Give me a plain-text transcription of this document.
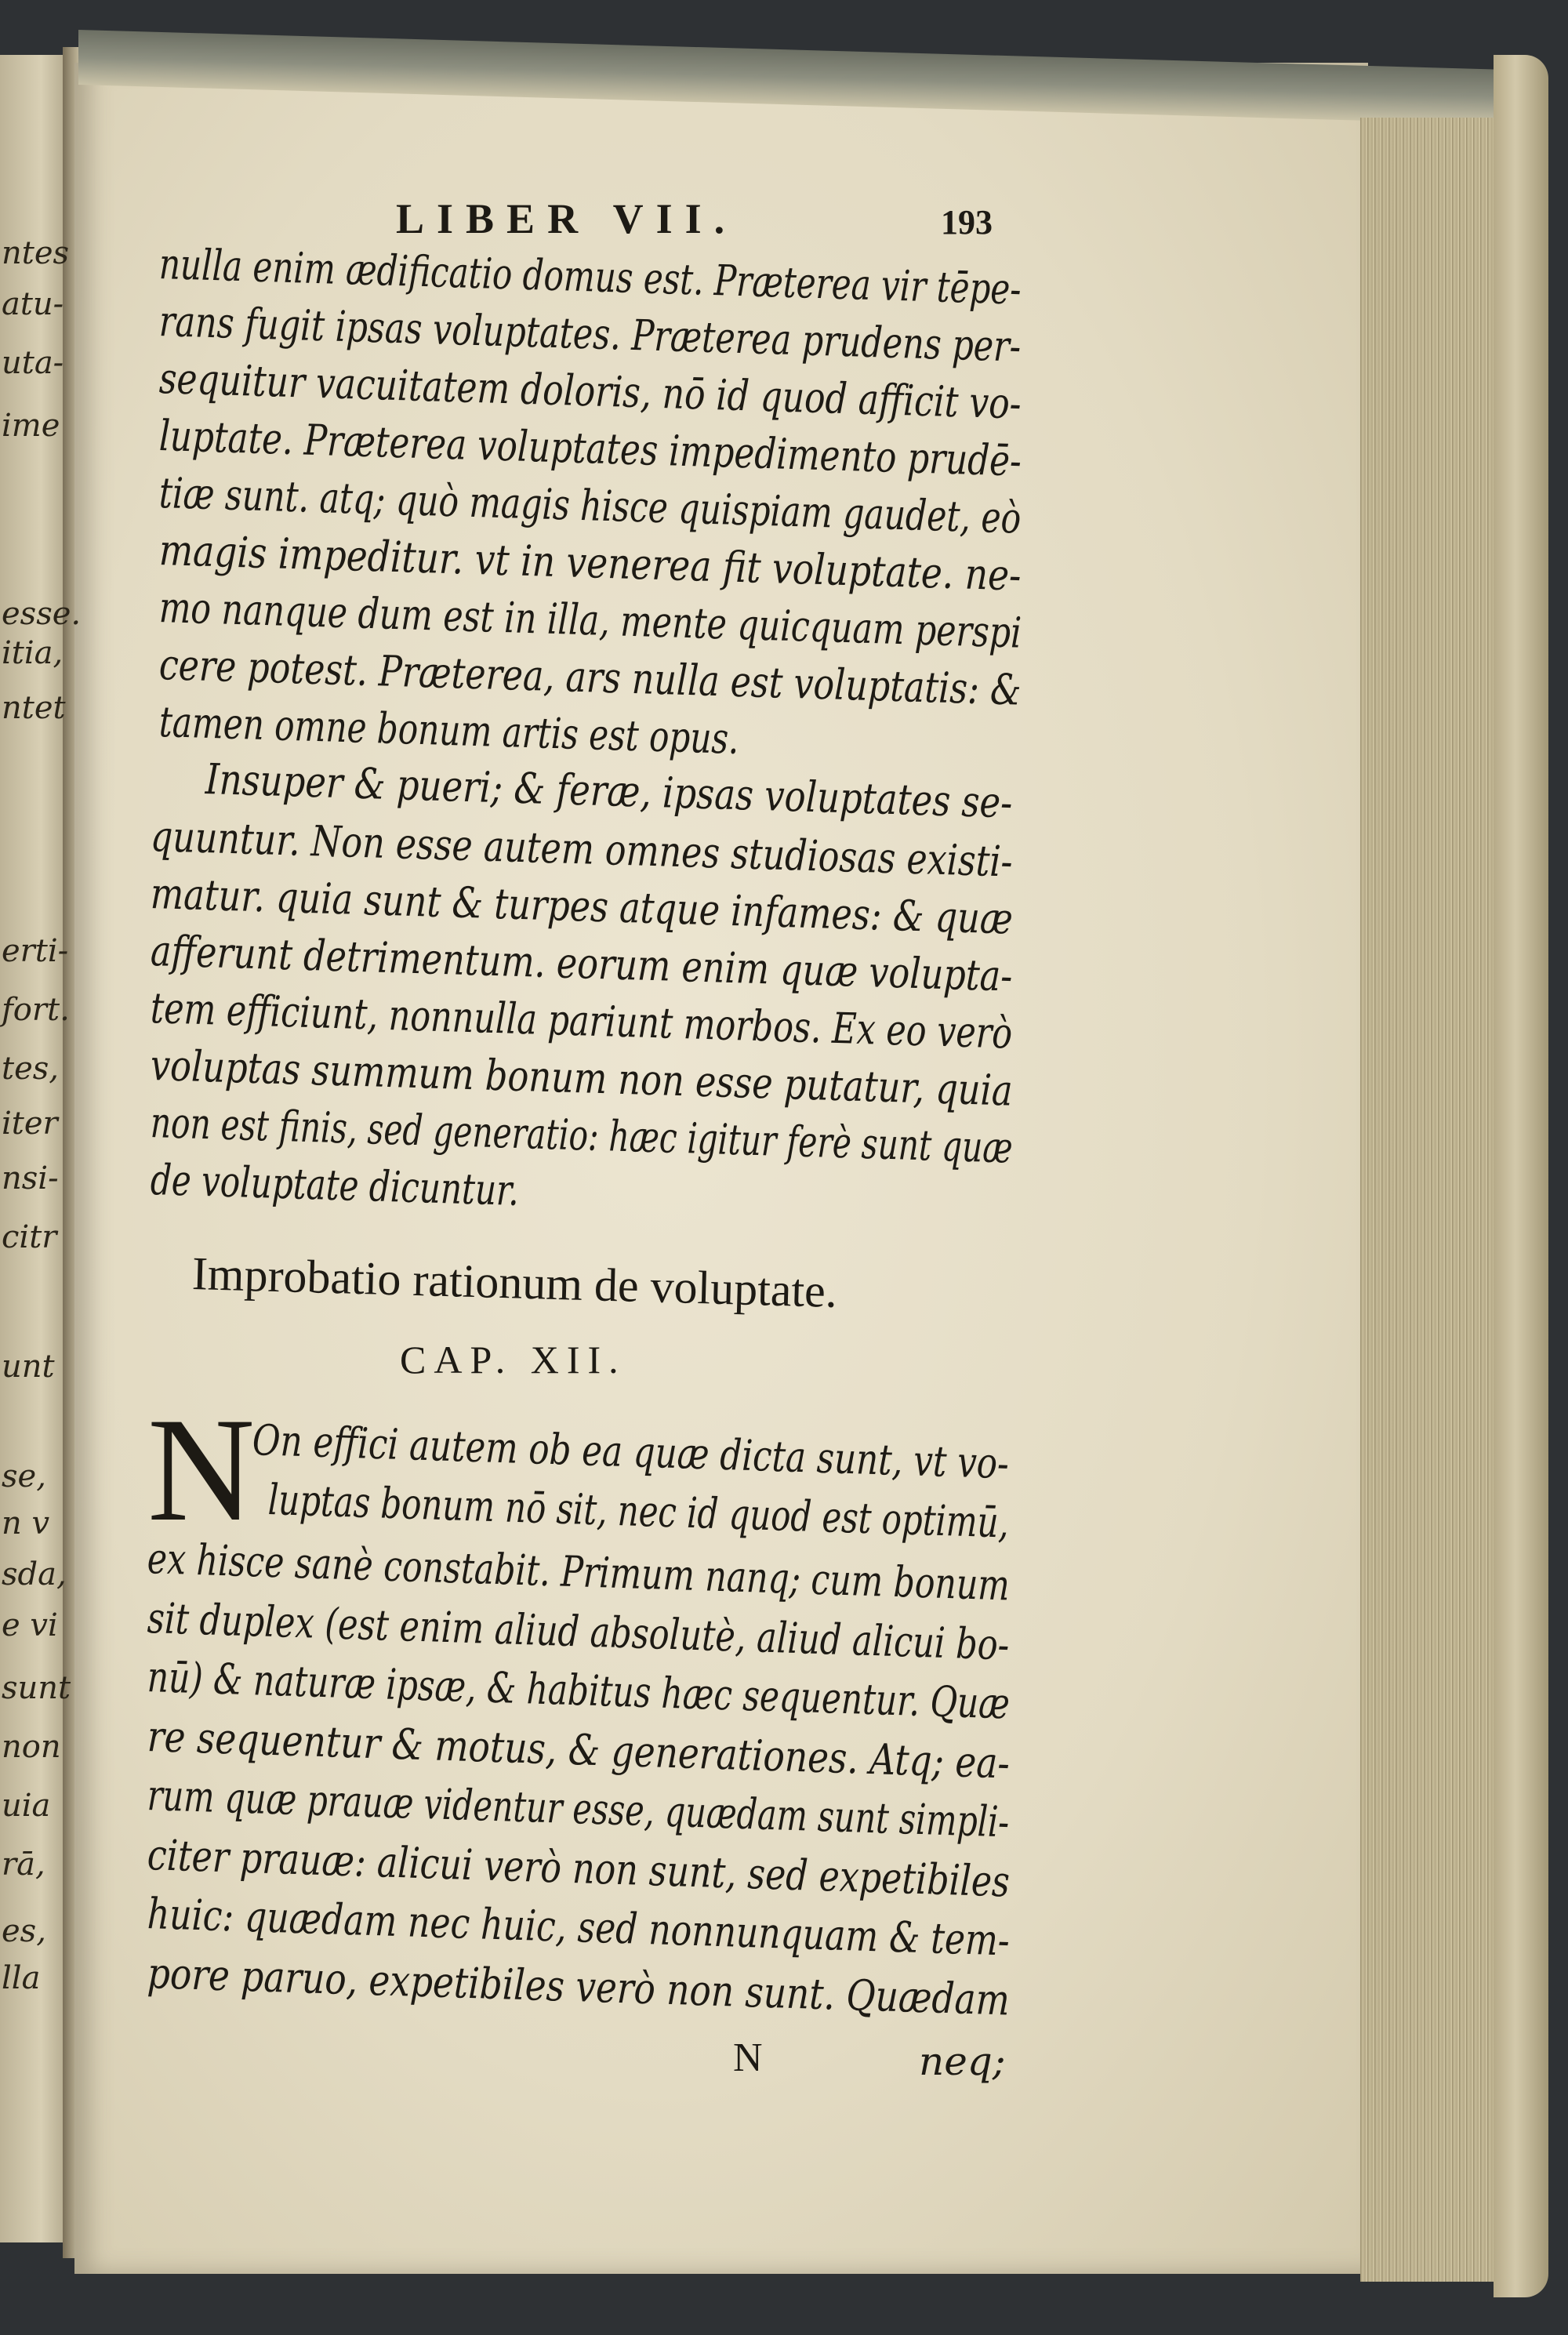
ntes
atu-
uta-
ime
esse.
itia,
ntet
erti-
fort.
tes,
iter
nsi-
citr
unt
se,
n v
sda,
e vi
sunt
non
uia
rā,
es,
lla
LIBER VII.	193
nulla enim ædificatio domus est. Præterea vir tēpe-
rans fugit ipsas voluptates. Præterea prudens per-
sequitur vacuitatem doloris, nō id quod afficit vo-
luptate. Præterea voluptates impedimento prudē-
tiæ sunt. atq; quò magis hisce quispiam gaudet, eò
magis impeditur. vt in venerea fit voluptate. ne-
mo nanque dum est in illa, mente quicquam perspi
cere potest. Præterea, ars nulla est voluptatis: &
tamen omne bonum artis est opus.
Insuper & pueri; & feræ, ipsas voluptates se-
quuntur. Non esse autem omnes studiosas existi-
matur. quia sunt & turpes atque infames: & quæ
afferunt detrimentum. eorum enim quæ volupta-
tem efficiunt, nonnulla pariunt morbos. Ex eo verò
voluptas summum bonum non esse putatur, quia
non est finis, sed generatio: hæc igitur ferè sunt quæ
de voluptate dicuntur.
Improbatio rationum de voluptate.
CAP. XII.
N
On effici autem ob ea quæ dicta sunt, vt vo-
luptas bonum nō sit, nec id quod est optimū,
ex hisce sanè constabit. Primum nanq; cum bonum
sit duplex (est enim aliud absolutè, aliud alicui bo-
nū) & naturæ ipsæ, & habitus hæc sequentur. Quæ
re sequentur & motus, & generationes. Atq; ea-
rum quæ prauæ videntur esse, quædam sunt simpli-
citer prauæ: alicui verò non sunt, sed expetibiles
huic: quædam nec huic, sed nonnunquam & tem-
pore paruo, expetibiles verò non sunt. Quædam
N	neq;
